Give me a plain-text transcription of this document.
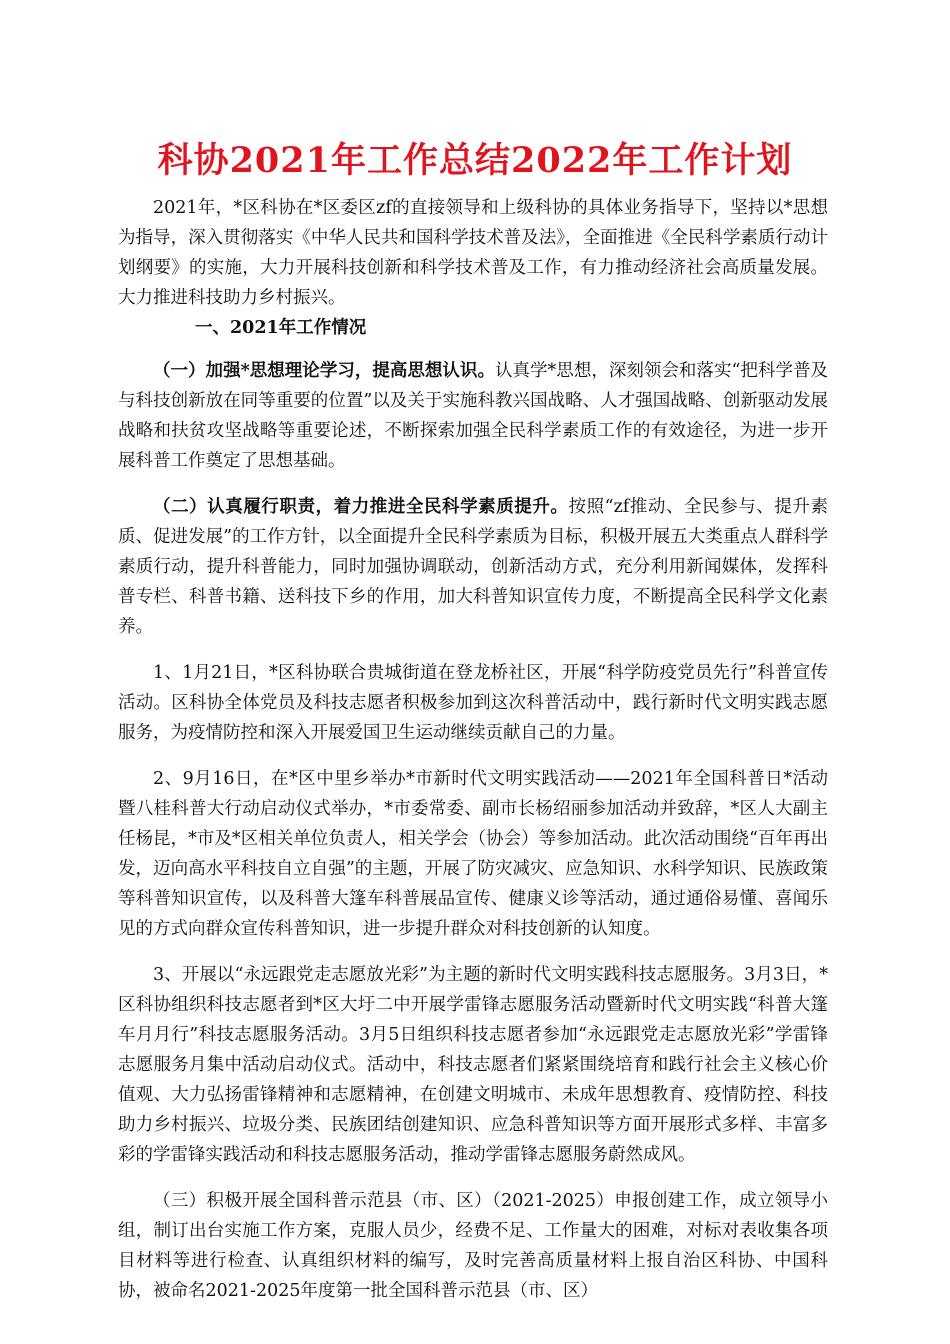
科协2021年工作总结2022年工作计划

2021年，*区科协在*区委区zf的直接领导和上级科协的具体业务指导下，坚持以*思想为指导，深入贯彻落实《中华人民共和国科学技术普及法》，全面推进《全民科学素质行动计划纲要》的实施，大力开展科技创新和科学技术普及工作，有力推动经济社会高质量发展。大力推进科技助力乡村振兴。

一、2021年工作情况

（一）加强*思想理论学习，提高思想认识。认真学*思想，深刻领会和落实“把科学普及与科技创新放在同等重要的位置”以及关于实施科教兴国战略、人才强国战略、创新驱动发展战略和扶贫攻坚战略等重要论述，不断探索加强全民科学素质工作的有效途径，为进一步开展科普工作奠定了思想基础。

（二）认真履行职责，着力推进全民科学素质提升。按照“zf推动、全民参与、提升素质、促进发展”的工作方针，以全面提升全民科学素质为目标，积极开展五大类重点人群科学素质行动，提升科普能力，同时加强协调联动，创新活动方式，充分利用新闻媒体，发挥科普专栏、科普书籍、送科技下乡的作用，加大科普知识宣传力度，不断提高全民科学文化素养。

1、1月21日，*区科协联合贵城街道在登龙桥社区，开展“科学防疫党员先行”科普宣传活动。区科协全体党员及科技志愿者积极参加到这次科普活动中，践行新时代文明实践志愿服务，为疫情防控和深入开展爱国卫生运动继续贡献自己的力量。

2、9月16日，在*区中里乡举办*市新时代文明实践活动——2021年全国科普日*活动暨八桂科普大行动启动仪式举办，*市委常委、副市长杨绍丽参加活动并致辞，*区人大副主任杨昆，*市及*区相关单位负责人，相关学会（协会）等参加活动。此次活动围绕“百年再出发，迈向高水平科技自立自强”的主题，开展了防灾减灾、应急知识、水科学知识、民族政策等科普知识宣传，以及科普大篷车科普展品宣传、健康义诊等活动，通过通俗易懂、喜闻乐见的方式向群众宣传科普知识，进一步提升群众对科技创新的认知度。

3、开展以“永远跟党走志愿放光彩”为主题的新时代文明实践科技志愿服务。3月3日，*区科协组织科技志愿者到*区大圩二中开展学雷锋志愿服务活动暨新时代文明实践“科普大篷车月月行”科技志愿服务活动。3月5日组织科技志愿者参加“永远跟党走志愿放光彩”学雷锋志愿服务月集中活动启动仪式。活动中，科技志愿者们紧紧围绕培育和践行社会主义核心价值观、大力弘扬雷锋精神和志愿精神，在创建文明城市、未成年思想教育、疫情防控、科技助力乡村振兴、垃圾分类、民族团结创建知识、应急科普知识等方面开展形式多样、丰富多彩的学雷锋实践活动和科技志愿服务活动，推动学雷锋志愿服务蔚然成风。

（三）积极开展全国科普示范县（市、区）（2021-2025）申报创建工作，成立领导小组，制订出台实施工作方案，克服人员少，经费不足、工作量大的困难，对标对表收集各项目材料等进行检查、认真组织材料的编写，及时完善高质量材料上报自治区科协、中国科协，被命名2021-2025年度第一批全国科普示范县（市、区）
